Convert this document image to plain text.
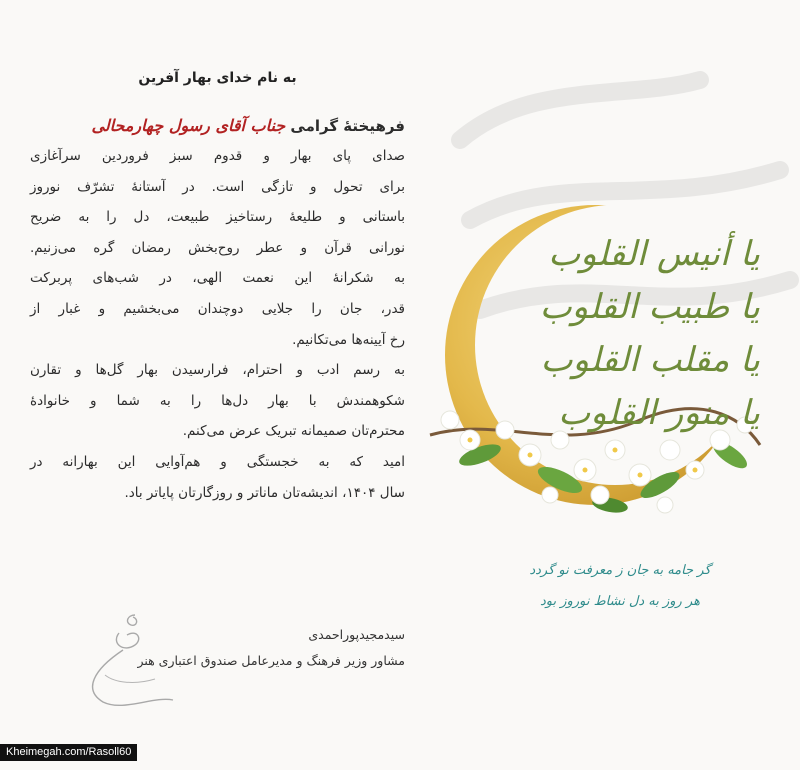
به نام خدای بهار آفرین

فرهیختهٔ گرامی جناب آقای رسول چهارمحالی

صدای پای بهار و قدوم سبز فروردین سرآغازی

برای تحول و تازگی است. در آستانهٔ تشرّف نوروز

باستانی و طلیعهٔ رستاخیز طبیعت، دل را به ضریح

نورانی قرآن و عطر روح‌بخش رمضان گره می‌زنیم.

به شکرانهٔ این نعمت الهی، در شب‌های پربرکت

قدر، جان را جلایی دوچندان می‌بخشیم و غبار از

رخ آیینه‌ها می‌تکانیم.

به رسم ادب و احترام، فرارسیدن بهار گل‌ها و تقارن

شکوهمندش با بهار دل‌ها را به شما و خانوادهٔ

محترم‌تان صمیمانه تبریک عرض می‌کنم.

امید که به خجستگی و هم‌آوایی این بهارانه در

سال ۱۴۰۴، اندیشه‌تان ماناتر و روزگارتان پایاتر باد.

سیدمجیدپوراحمدی
مشاور وزیر فرهنگ و مدیرعامل صندوق اعتباری هنر
یا أنیس القلوب
یا طبیب القلوب
یا مقلب القلوب
یا منور القلوب
گر جامه به جان ز معرفت نو گردد
هر روز به دل نشاط نوروز بود
Kheimegah.com/Rasoll60
